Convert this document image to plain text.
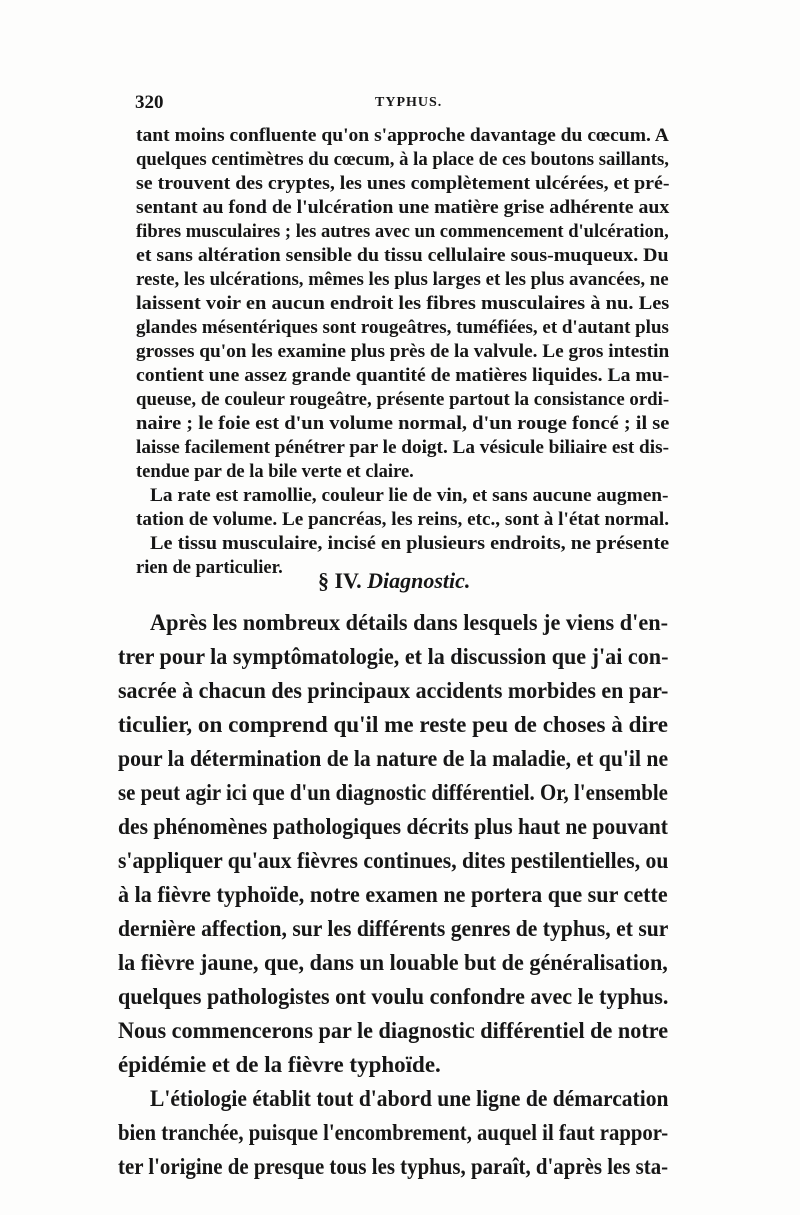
320	TYPHUS.
tant moins confluente qu'on s'approche davantage du cœcum. A
quelques centimètres du cœcum, à la place de ces boutons saillants,
se trouvent des cryptes, les unes complètement ulcérées, et pré-
sentant au fond de l'ulcération une matière grise adhérente aux
fibres musculaires ; les autres avec un commencement d'ulcération,
et sans altération sensible du tissu cellulaire sous-muqueux. Du
reste, les ulcérations, mêmes les plus larges et les plus avancées, ne
laissent voir en aucun endroit les fibres musculaires à nu. Les
glandes mésentériques sont rougeâtres, tuméfiées, et d'autant plus
grosses qu'on les examine plus près de la valvule. Le gros intestin
contient une assez grande quantité de matières liquides. La mu-
queuse, de couleur rougeâtre, présente partout la consistance ordi-
naire ; le foie est d'un volume normal, d'un rouge foncé ; il se
laisse facilement pénétrer par le doigt. La vésicule biliaire est dis-
tendue par de la bile verte et claire.
La rate est ramollie, couleur lie de vin, et sans aucune augmen-
tation de volume. Le pancréas, les reins, etc., sont à l'état normal.
Le tissu musculaire, incisé en plusieurs endroits, ne présente
rien de particulier. § IV. Diagnostic.
Après les nombreux détails dans lesquels je viens d'en-
trer pour la symptômatologie, et la discussion que j'ai con-
sacrée à chacun des principaux accidents morbides en par-
ticulier, on comprend qu'il me reste peu de choses à dire
pour la détermination de la nature de la maladie, et qu'il ne
se peut agir ici que d'un diagnostic différentiel. Or, l'ensemble
des phénomènes pathologiques décrits plus haut ne pouvant
s'appliquer qu'aux fièvres continues, dites pestilentielles, ou
à la fièvre typhoïde, notre examen ne portera que sur cette
dernière affection, sur les différents genres de typhus, et sur
la fièvre jaune, que, dans un louable but de généralisation,
quelques pathologistes ont voulu confondre avec le typhus.
Nous commencerons par le diagnostic différentiel de notre
épidémie et de la fièvre typhoïde.
L'étiologie établit tout d'abord une ligne de démarcation
bien tranchée, puisque l'encombrement, auquel il faut rappor-
ter l'origine de presque tous les typhus, paraît, d'après les sta-
